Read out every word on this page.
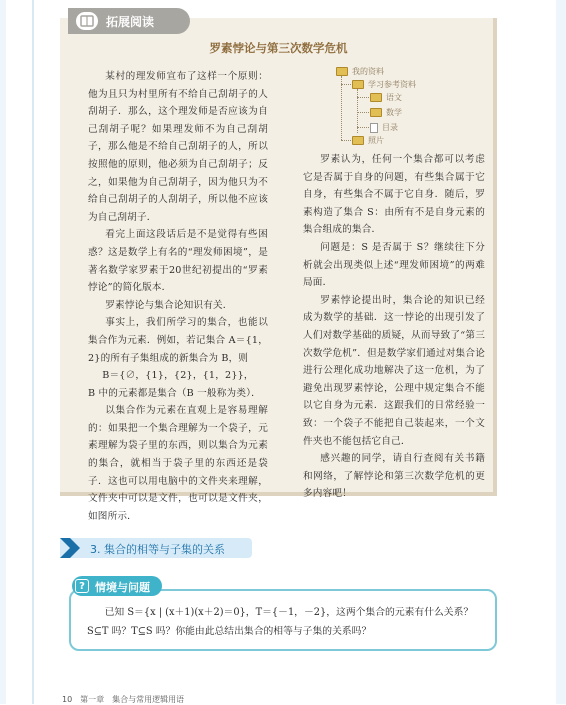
拓展阅读
罗素悖论与第三次数学危机

某村的理发师宣布了这样一个原则：他为且只为村里所有不给自己刮胡子的人刮胡子．那么，这个理发师是否应该为自己刮胡子呢？如果理发师不为自己刮胡子，那么他是不给自己刮胡子的人，所以按照他的原则，他必须为自己刮胡子；反之，如果他为自己刮胡子，因为他只为不给自己刮胡子的人刮胡子，所以他不应该为自己刮胡子．

看完上面这段话后是不是觉得有些困惑？这是数学上有名的“理发师困境”，是著名数学家罗素于20世纪初提出的“罗素悖论”的简化版本．

罗素悖论与集合论知识有关．

事实上，我们所学习的集合，也能以集合作为元素．例如，若记集合 A＝{1，2}的所有子集组成的新集合为 B，则

B＝{∅，{1}，{2}，{1，2}}，

B 中的元素都是集合（B 一般称为类）．

以集合作为元素在直观上是容易理解的：如果把一个集合理解为一个袋子，元素理解为袋子里的东西，则以集合为元素的集合，就相当于袋子里的东西还是袋子．这也可以用电脑中的文件夹来理解，文件夹中可以是文件，也可以是文件夹，如图所示．

我的资料
学习参考资料
语文
数学
目录
照片

罗素认为，任何一个集合都可以考虑它是否属于自身的问题，有些集合属于它自身，有些集合不属于它自身．随后，罗素构造了集合 S：由所有不是自身元素的集合组成的集合．

问题是：S 是否属于 S？继续往下分析就会出现类似上述“理发师困境”的两难局面．

罗素悖论提出时，集合论的知识已经成为数学的基础．这一悖论的出现引发了人们对数学基础的质疑，从而导致了“第三次数学危机”．但是数学家们通过对集合论进行公理化成功地解决了这一危机，为了避免出现罗素悖论，公理中规定集合不能以它自身为元素．这跟我们的日常经验一致：一个袋子不能把自己装起来，一个文件夹也不能包括它自己．

感兴趣的同学，请自行查阅有关书籍和网络，了解悖论和第三次数学危机的更多内容吧！

3. 集合的相等与子集的关系

已知 S＝{x | (x＋1)(x＋2)＝0}，T＝{－1，－2}，这两个集合的元素有什么关系？

S⊆T 吗？T⊆S 吗？你能由此总结出集合的相等与子集的关系吗？

? 情境与问题
10　第一章　集合与常用逻辑用语
